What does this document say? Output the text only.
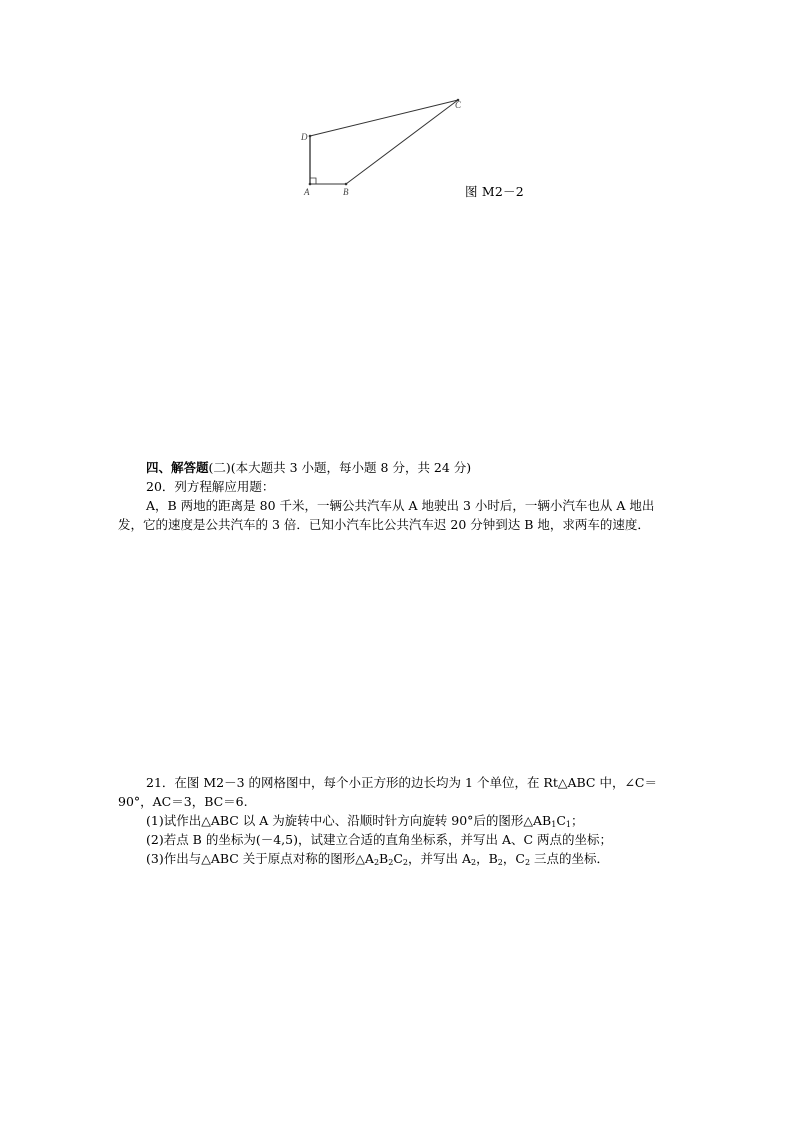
D
A	B
C
图 M2－2
四、解答题(二)(本大题共 3 小题，每小题 8 分，共 24 分)

20．列方程解应用题：

A，B 两地的距离是 80 千米，一辆公共汽车从 A 地驶出 3 小时后，一辆小汽车也从 A 地出发，它的速度是公共汽车的 3 倍．已知小汽车比公共汽车迟 20 分钟到达 B 地，求两车的速度．

21．在图 M2－3 的网格图中，每个小正方形的边长均为 1 个单位，在 Rt△ABC 中，∠C＝90°，AC＝3，BC＝6.

(1)试作出△ABC 以 A 为旋转中心、沿顺时针方向旋转 90°后的图形$\triangle AB_1C_1$；

(2)若点 B 的坐标为(－4,5)，试建立合适的直角坐标系，并写出 A、C 两点的坐标；

(3)作出与△ABC 关于原点对称的图形$\triangle A_2B_2C_2$，并写出 $A_2$，$B_2$，$C_2$ 三点的坐标．
